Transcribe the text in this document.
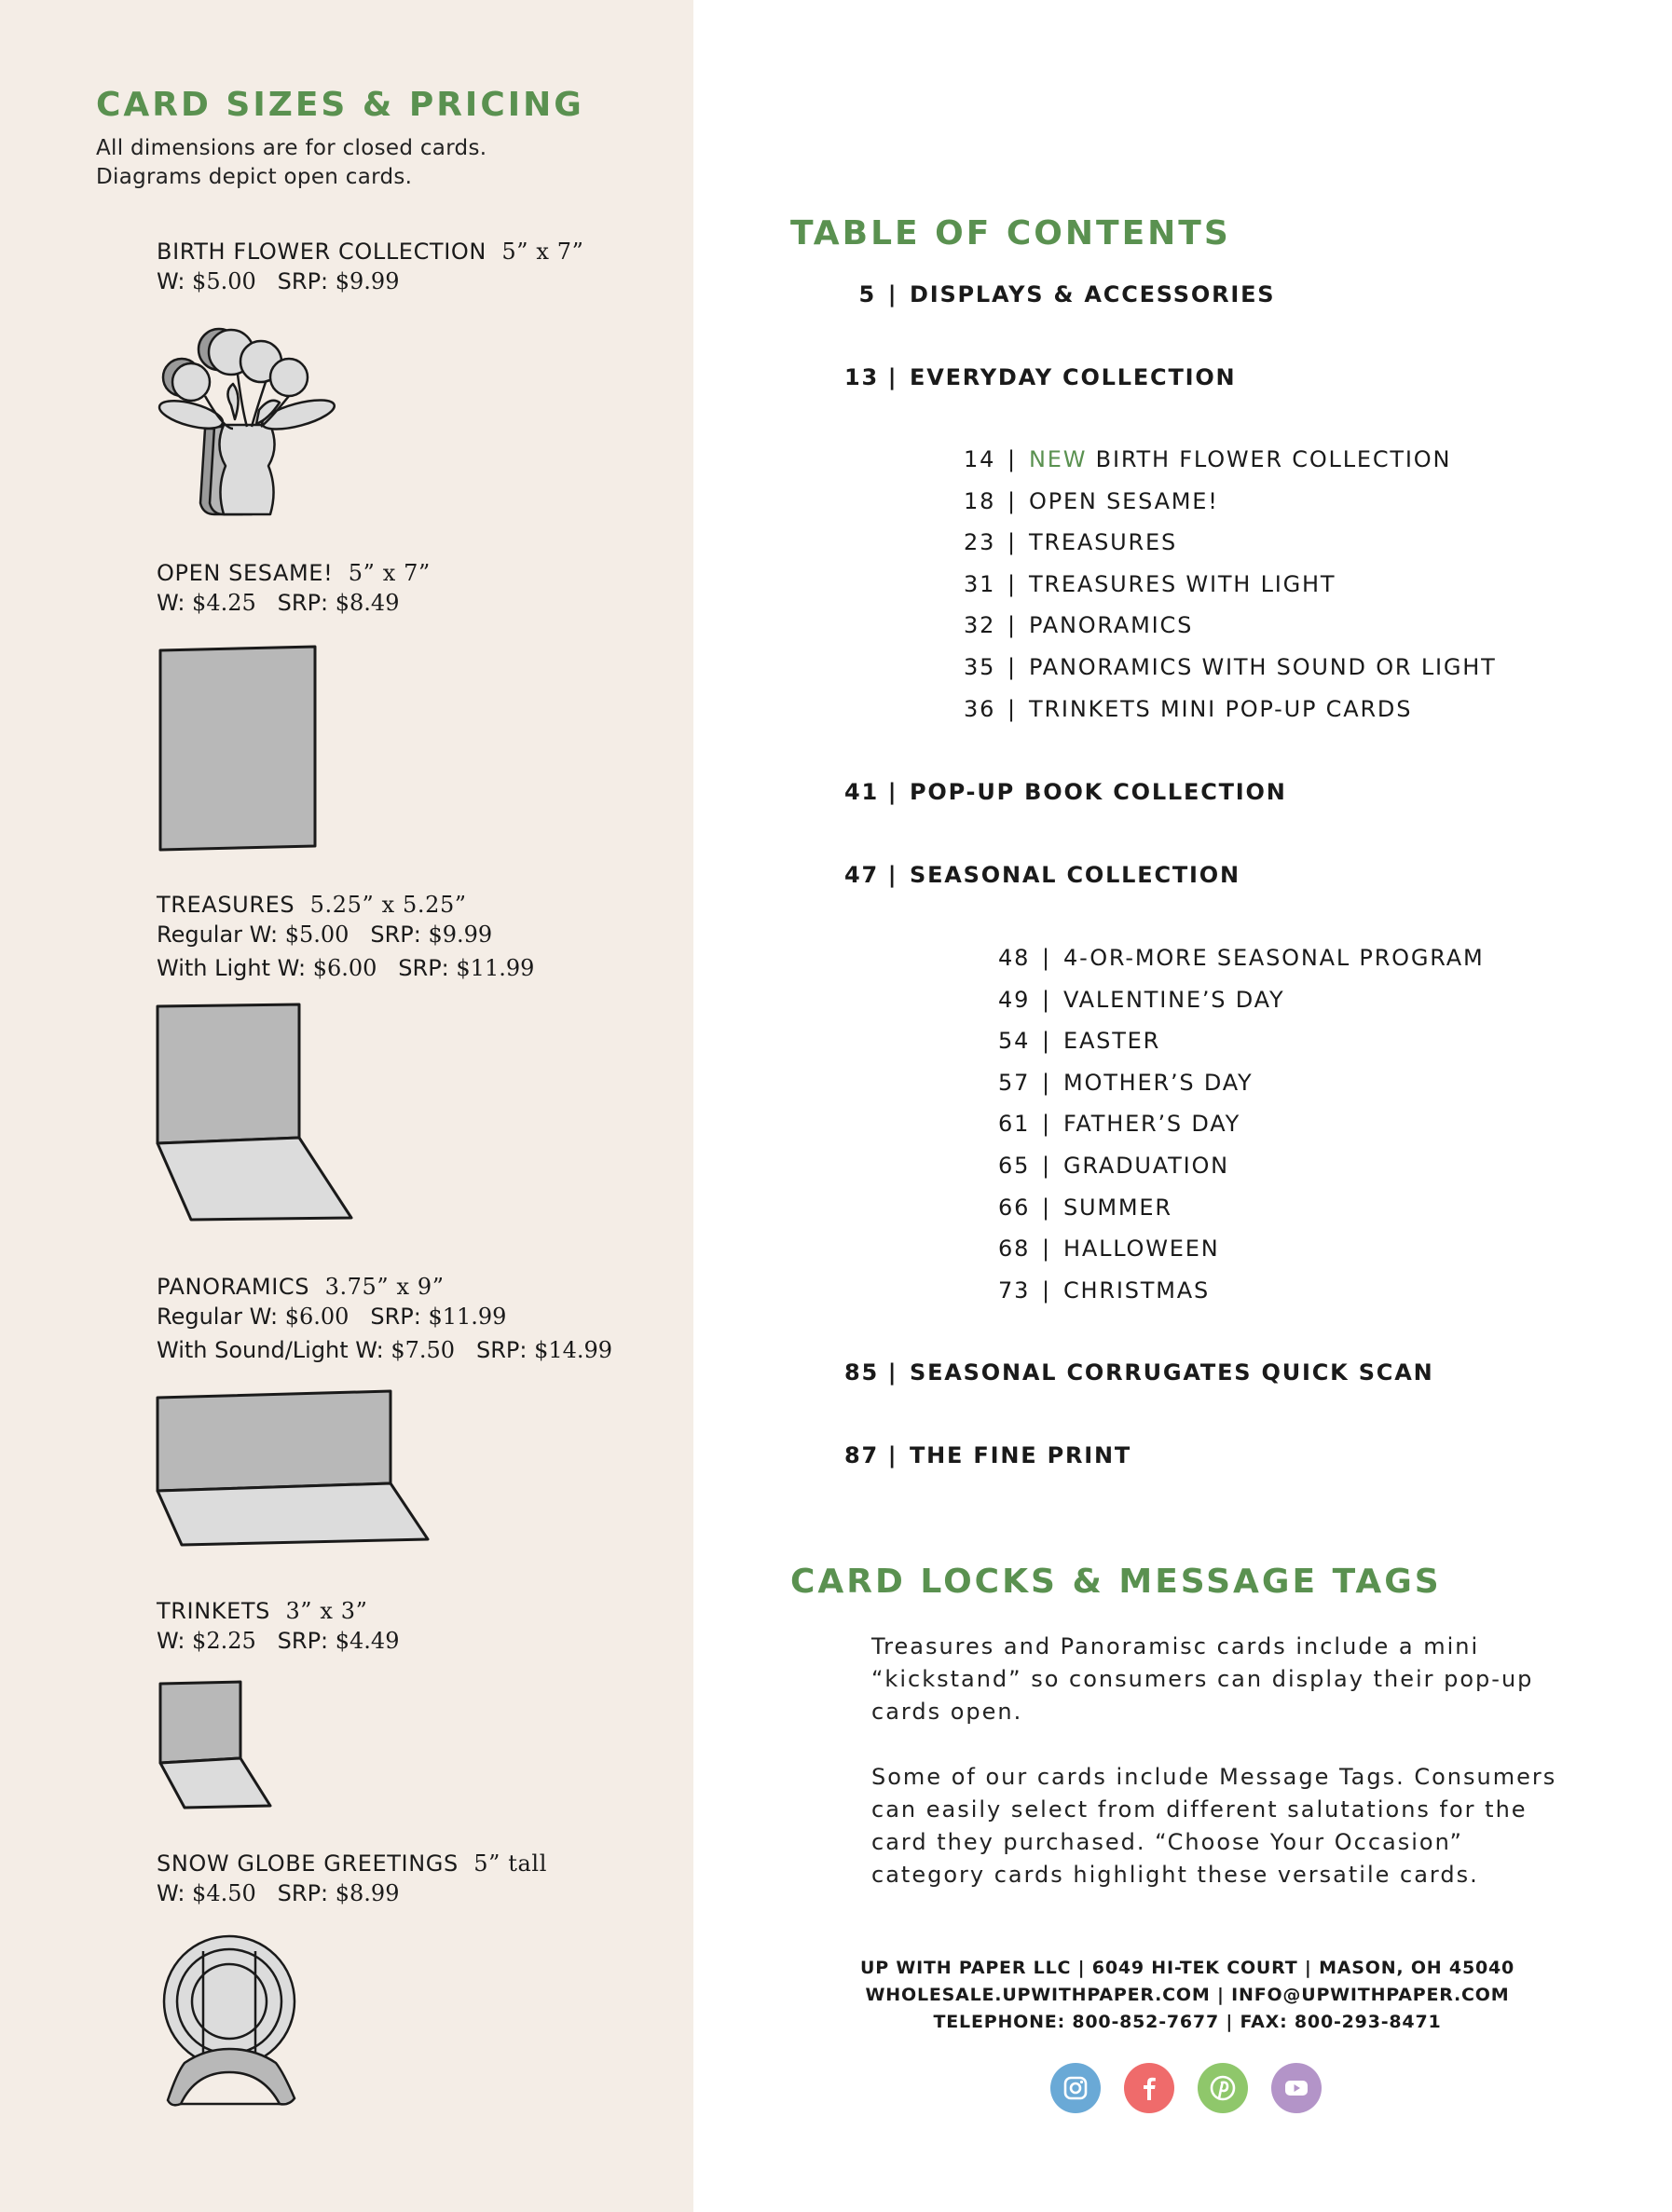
CARD SIZES & PRICING
All dimensions are for closed cards.
Diagrams depict open cards.
BIRTH FLOWER COLLECTION 5” x 7”
W: $5.00 SRP: $9.99
OPEN SESAME! 5” x 7”
W: $4.25 SRP: $8.49
TREASURES 5.25” x 5.25”
Regular W: $5.00 SRP: $9.99
With Light W: $6.00 SRP: $11.99
PANORAMICS 3.75” x 9”
Regular W: $6.00 SRP: $11.99
With Sound/Light W: $7.50 SRP: $14.99
TRINKETS 3” x 3”
W: $2.25 SRP: $4.49
SNOW GLOBE GREETINGS 5” tall
W: $4.50 SRP: $8.99
TABLE OF CONTENTS
5 | DISPLAYS & ACCESSORIES
13 | EVERYDAY COLLECTION
14 | NEW BIRTH FLOWER COLLECTION
18 | OPEN SESAME!
23 | TREASURES
31 | TREASURES WITH LIGHT
32 | PANORAMICS
35 | PANORAMICS WITH SOUND OR LIGHT
36 | TRINKETS MINI POP-UP CARDS
41 | POP-UP BOOK COLLECTION
47 | SEASONAL COLLECTION
48 | 4-OR-MORE SEASONAL PROGRAM
49 | VALENTINE’S DAY
54 | EASTER
57 | MOTHER’S DAY
61 | FATHER’S DAY
65 | GRADUATION
66 | SUMMER
68 | HALLOWEEN
73 | CHRISTMAS
85 | SEASONAL CORRUGATES QUICK SCAN
87 | THE FINE PRINT
CARD LOCKS & MESSAGE TAGS
Treasures and Panoramisc cards include a mini
“kickstand” so consumers can display their pop-up
cards open.
Some of our cards include Message Tags. Consumers
can easily select from different salutations for the
card they purchased. “Choose Your Occasion”
category cards highlight these versatile cards.
UP WITH PAPER LLC | 6049 HI-TEK COURT | MASON, OH 45040
WHOLESALE.UPWITHPAPER.COM | INFO@UPWITHPAPER.COM
TELEPHONE: 800-852-7677 | FAX: 800-293-8471
